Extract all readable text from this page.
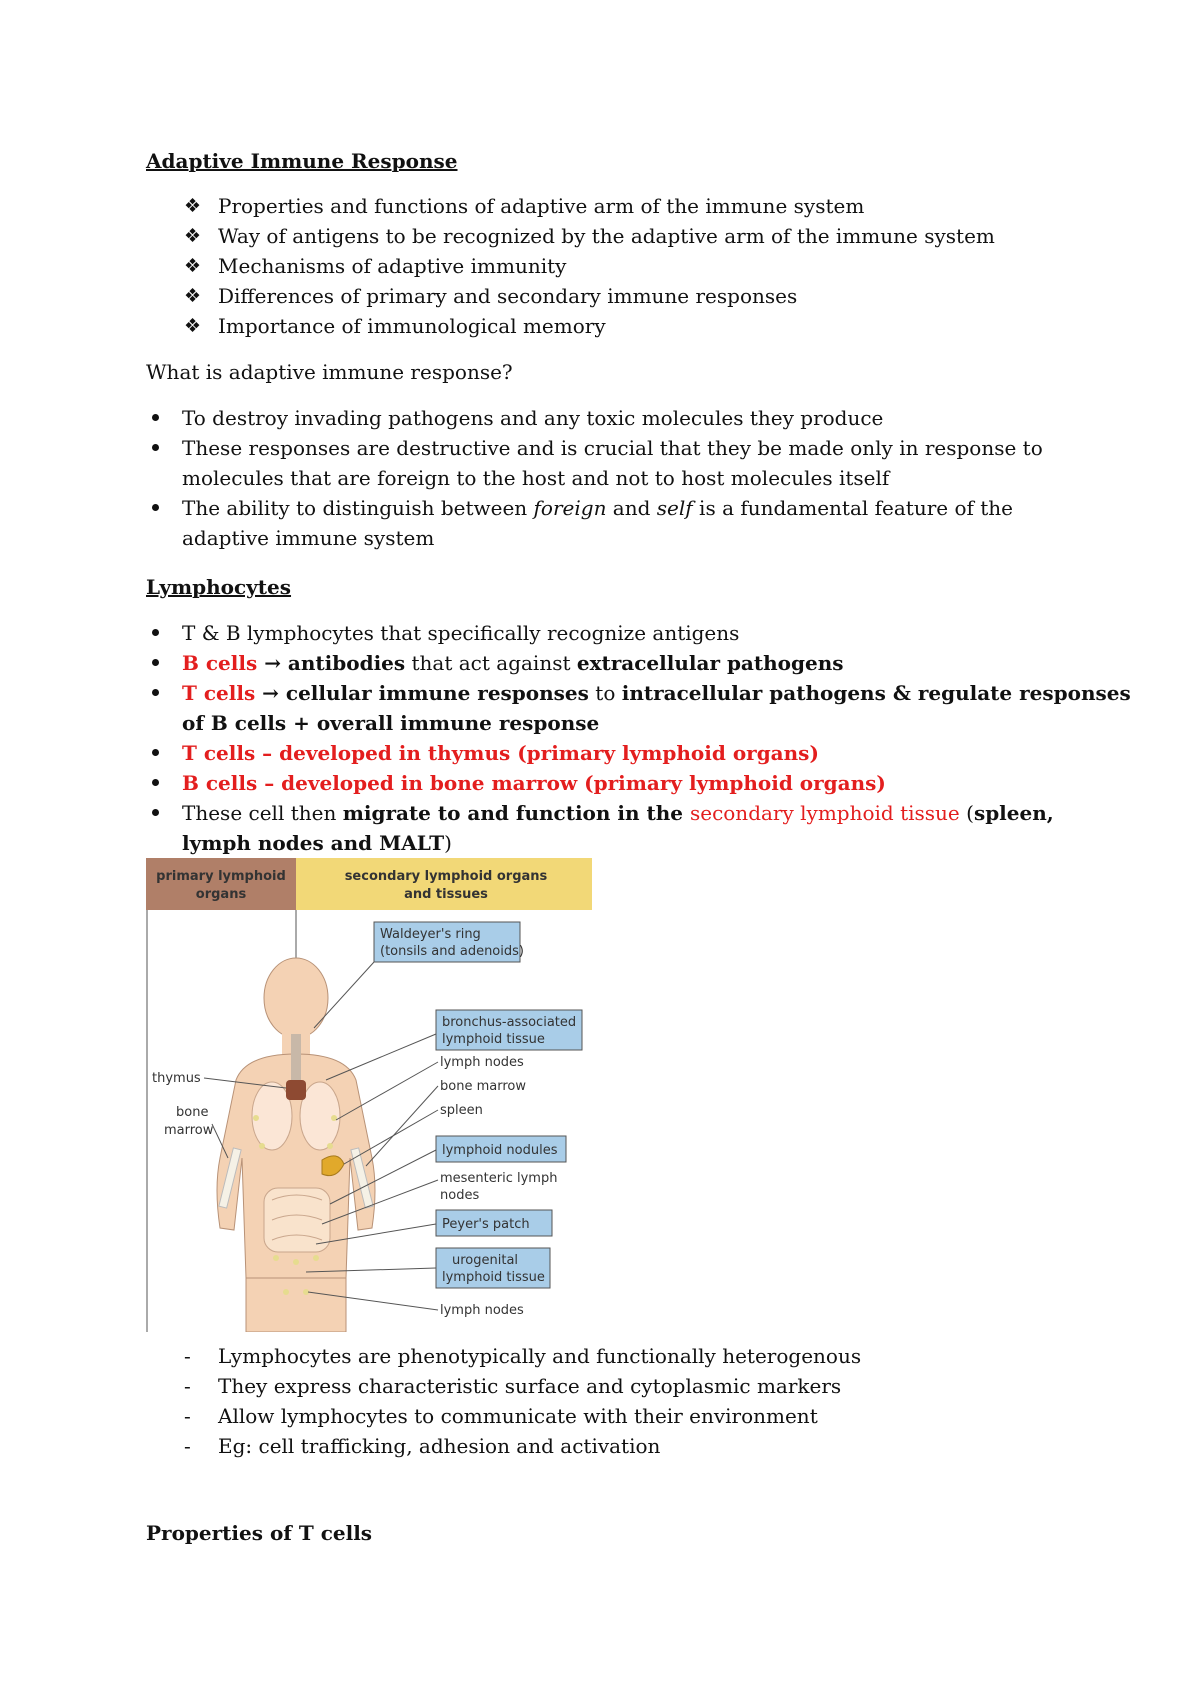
Adaptive Immune Response
❖ Properties and functions of adaptive arm of the immune system
❖ Way of antigens to be recognized by the adaptive arm of the immune system
❖ Mechanisms of adaptive immunity
❖ Differences of primary and secondary immune responses
❖ Importance of immunological memory
What is adaptive immune response?
To destroy invading pathogens and any toxic molecules they produce
These responses are destructive and is crucial that they be made only in response to
molecules that are foreign to the host and not to host molecules itself
The ability to distinguish between foreign and self is a fundamental feature of the
adaptive immune system
Lymphocytes
T & B lymphocytes that specifically recognize antigens
B cells → antibodies that act against extracellular pathogens
T cells → cellular immune responses to intracellular pathogens & regulate responses
of B cells + overall immune response
T cells – developed in thymus (primary lymphoid organs)
B cells – developed in bone marrow (primary lymphoid organs)
These cell then migrate to and function in the secondary lymphoid tissue (spleen,
lymph nodes and MALT)
primary lymphoid
organs
secondary lymphoid organs
and tissues
thymus
bone
marrow
Waldeyer's ring
(tonsils and adenoids)
bronchus-associated
lymphoid tissue
lymph nodes
bone marrow
spleen
lymphoid nodules
mesenteric lymph
nodes
Peyer's patch
urogenital
lymphoid tissue
lymph nodes
- Lymphocytes are phenotypically and functionally heterogenous
- They express characteristic surface and cytoplasmic markers
- Allow lymphocytes to communicate with their environment
- Eg: cell trafficking, adhesion and activation
Properties of T cells
